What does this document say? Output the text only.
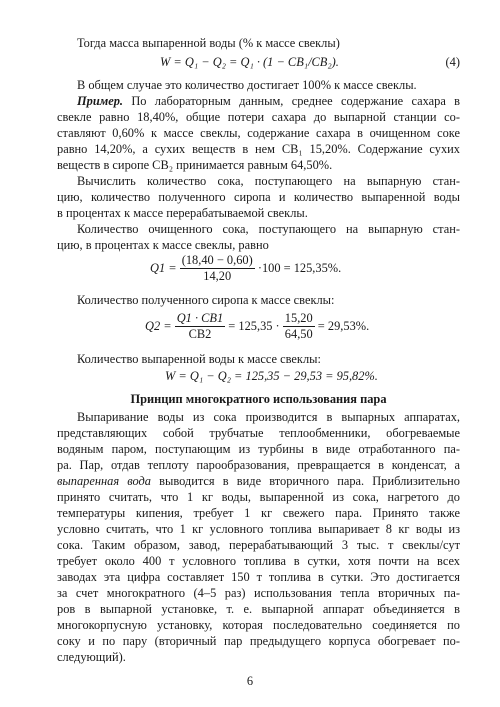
Тогда масса выпаренной воды (% к массе свеклы)
W = Q₁ − Q₂ = Q₁ · (1 − СВ₁/СВ₂).	(4)
В общем случае это количество достигает 100% к массе свеклы.
Пример. По лабораторным данным, среднее содержание сахара в
свекле равно 18,40%, общие потери сахара до выпарной станции со-
ставляют 0,60% к массе свеклы, содержание сахара в очищенном соке
равно 14,20%, а сухих веществ в нем СВ₁ 15,20%. Содержание сухих
веществ в сиропе СВ₂ принимается равным 64,50%.
Вычислить количество сока, поступающего на выпарную стан-
цию, количество полученного сиропа и количество выпаренной воды
в процентах к массе перерабатываемой свеклы.
Количество очищенного сока, поступающего на выпарную стан-
цию, в процентах к массе свеклы, равно
$Q1 = \frac{(18,40 - 0,60)}{14,20} \cdot 100 = 125,35\%$.
Количество полученного сиропа к массе свеклы:
$Q2 = \frac{Q1 \cdot СВ1}{СВ2} = 125,35 \cdot \frac{15,20}{64,50} = 29,53\%$.
Количество выпаренной воды к массе свеклы:
W = Q₁ − Q₂ = 125,35 − 29,53 = 95,82%.
Принцип многократного использования пара
Выпаривание воды из сока производится в выпарных аппаратах,
представляющих собой трубчатые теплообменники, обогреваемые
водяным паром, поступающим из турбины в виде отработанного па-
ра. Пар, отдав теплоту парообразования, превращается в конденсат, а
выпаренная вода выводится в виде вторичного пара. Приблизительно
принято считать, что 1 кг воды, выпаренной из сока, нагретого до
температуры кипения, требует 1 кг свежего пара. Принято также
условно считать, что 1 кг условного топлива выпаривает 8 кг воды из
сока. Таким образом, завод, перерабатывающий 3 тыс. т свеклы/сут
требует около 400 т условного топлива в сутки, хотя почти на всех
заводах эта цифра составляет 150 т топлива в сутки. Это достигается
за счет многократного (4–5 раз) использования тепла вторичных па-
ров в выпарной установке, т. е. выпарной аппарат объединяется в
многокорпусную установку, которая последовательно соединяется по
соку и по пару (вторичный пар предыдущего корпуса обогревает по-
следующий).
6
